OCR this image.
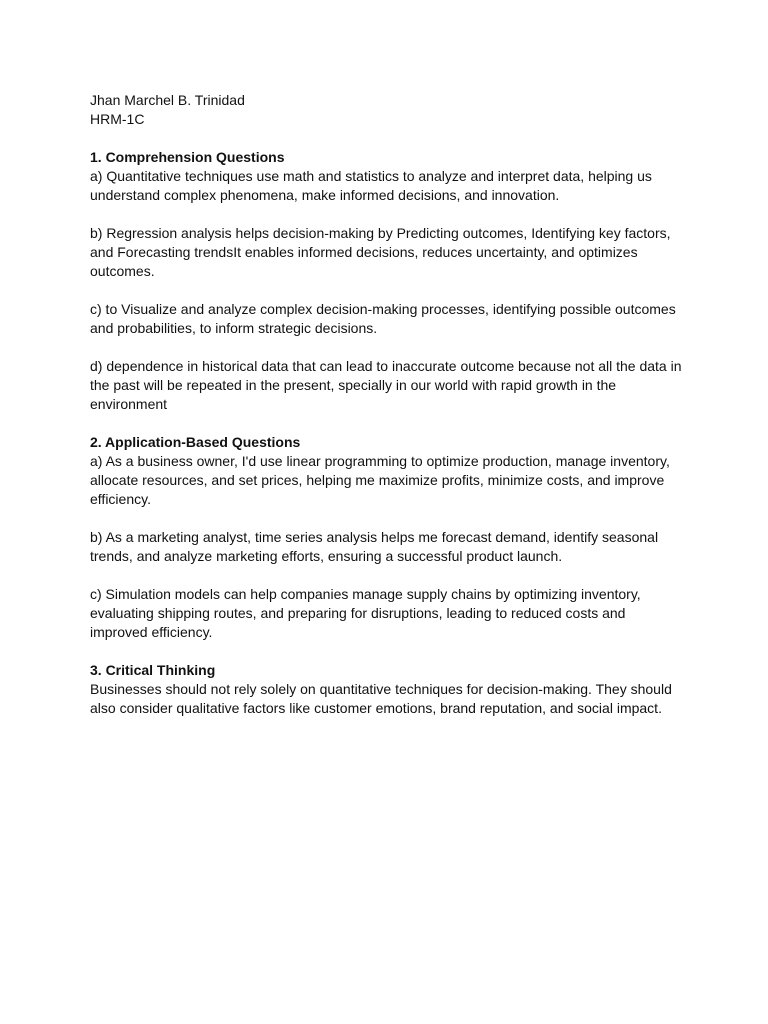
Jhan Marchel B. Trinidad
HRM-1C
1. Comprehension Questions
a) Quantitative techniques use math and statistics to analyze and interpret data, helping us
understand complex phenomena, make informed decisions, and innovation.
b) Regression analysis helps decision-making by Predicting outcomes, Identifying key factors,
and Forecasting trendsIt enables informed decisions, reduces uncertainty, and optimizes
outcomes.
c) to Visualize and analyze complex decision-making processes, identifying possible outcomes
and probabilities, to inform strategic decisions.
d) dependence in historical data that can lead to inaccurate outcome because not all the data in
the past will be repeated in the present, specially in our world with rapid growth in the
environment
2. Application-Based Questions
a) As a business owner, I'd use linear programming to optimize production, manage inventory,
allocate resources, and set prices, helping me maximize profits, minimize costs, and improve
efficiency.
b) As a marketing analyst, time series analysis helps me forecast demand, identify seasonal
trends, and analyze marketing efforts, ensuring a successful product launch.
c) Simulation models can help companies manage supply chains by optimizing inventory,
evaluating shipping routes, and preparing for disruptions, leading to reduced costs and
improved efficiency.
3. Critical Thinking
Businesses should not rely solely on quantitative techniques for decision-making. They should
also consider qualitative factors like customer emotions, brand reputation, and social impact.
